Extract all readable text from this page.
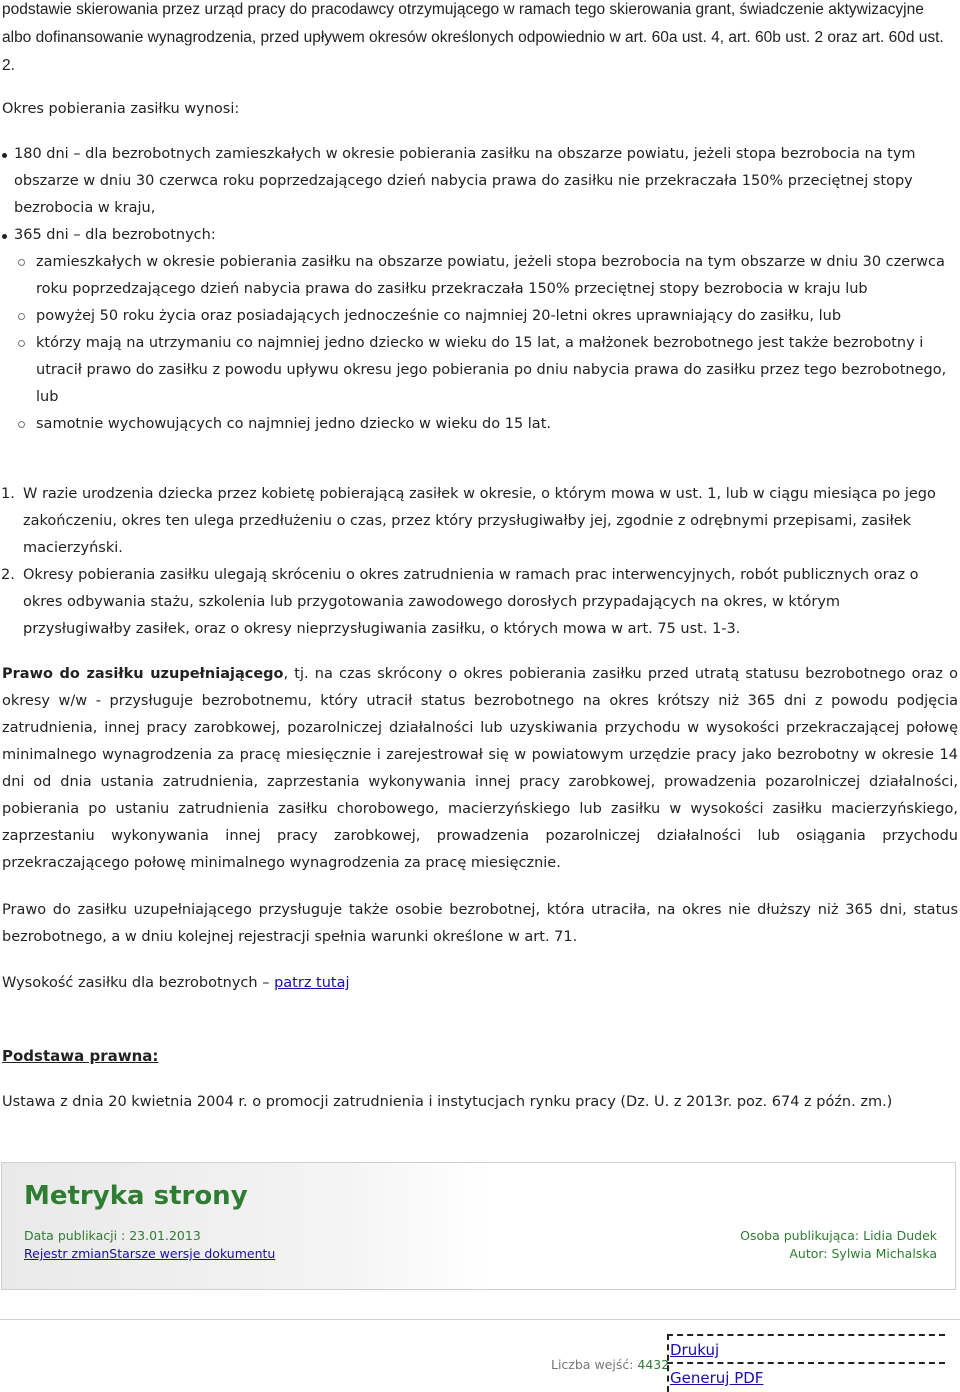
podstawie skierowania przez urząd pracy do pracodawcy otrzymującego w ramach tego skierowania grant, świadczenie aktywizacyjne albo dofinansowanie wynagrodzenia, przed upływem okresów określonych odpowiednio w art. 60a ust. 4, art. 60b ust. 2 oraz art. 60d ust. 2.

Okres pobierania zasiłku wynosi:

180 dni – dla bezrobotnych zamieszkałych w okresie pobierania zasiłku na obszarze powiatu, jeżeli stopa bezrobocia na tym obszarze w dniu 30 czerwca roku poprzedzającego dzień nabycia prawa do zasiłku nie przekraczała 150% przeciętnej stopy bezrobocia w kraju,
365 dni – dla bezrobotnych:
zamieszkałych w okresie pobierania zasiłku na obszarze powiatu, jeżeli stopa bezrobocia na tym obszarze w dniu 30 czerwca roku poprzedzającego dzień nabycia prawa do zasiłku przekraczała 150% przeciętnej stopy bezrobocia w kraju lub
powyżej 50 roku życia oraz posiadających jednocześnie co najmniej 20-letni okres uprawniający do zasiłku, lub
którzy mają na utrzymaniu co najmniej jedno dziecko w wieku do 15 lat, a małżonek bezrobotnego jest także bezrobotny i utracił prawo do zasiłku z powodu upływu okresu jego pobierania po dniu nabycia prawa do zasiłku przez tego bezrobotnego, lub
samotnie wychowujących co najmniej jedno dziecko w wieku do 15 lat.
1. W razie urodzenia dziecka przez kobietę pobierającą zasiłek w okresie, o którym mowa w ust. 1, lub w ciągu miesiąca po jego zakończeniu, okres ten ulega przedłużeniu o czas, przez który przysługiwałby jej, zgodnie z odrębnymi przepisami, zasiłek macierzyński.
2. Okresy pobierania zasiłku ulegają skróceniu o okres zatrudnienia w ramach prac interwencyjnych, robót publicznych oraz o okres odbywania stażu, szkolenia lub przygotowania zawodowego dorosłych przypadających na okres, w którym przysługiwałby zasiłek, oraz o okresy nieprzysługiwania zasiłku, o których mowa w art. 75 ust. 1-3.

Prawo do zasiłku uzupełniającego, tj. na czas skrócony o okres pobierania zasiłku przed utratą statusu bezrobotnego oraz o okresy w/w - przysługuje bezrobotnemu, który utracił status bezrobotnego na okres krótszy niż 365 dni z powodu podjęcia zatrudnienia, innej pracy zarobkowej, pozarolniczej działalności lub uzyskiwania przychodu w wysokości przekraczającej połowę minimalnego wynagrodzenia za pracę miesięcznie i zarejestrował się w powiatowym urzędzie pracy jako bezrobotny w okresie 14 dni od dnia ustania zatrudnienia, zaprzestania wykonywania innej pracy zarobkowej, prowadzenia pozarolniczej działalności, pobierania po ustaniu zatrudnienia zasiłku chorobowego, macierzyńskiego lub zasiłku w wysokości zasiłku macierzyńskiego, zaprzestaniu wykonywania innej pracy zarobkowej, prowadzenia pozarolniczej działalności lub osiągania przychodu przekraczającego połowę minimalnego wynagrodzenia za pracę miesięcznie.

Prawo do zasiłku uzupełniającego przysługuje także osobie bezrobotnej, która utraciła, na okres nie dłuższy niż 365 dni, status bezrobotnego, a w dniu kolejnej rejestracji spełnia warunki określone w art. 71.

Wysokość zasiłku dla bezrobotnych – patrz tutaj

Podstawa prawna:

Ustawa z dnia 20 kwietnia 2004 r. o promocji zatrudnienia i instytucjach rynku pracy (Dz. U. z 2013r. poz. 674 z późn. zm.)

Metryka strony
Data publikacji : 23.01.2013
Rejestr zmianStarsze wersje dokumentu
Osoba publikująca: Lidia Dudek
Autor: Sylwia Michalska
Liczba wejść: 4432
Drukuj
Generuj PDF
